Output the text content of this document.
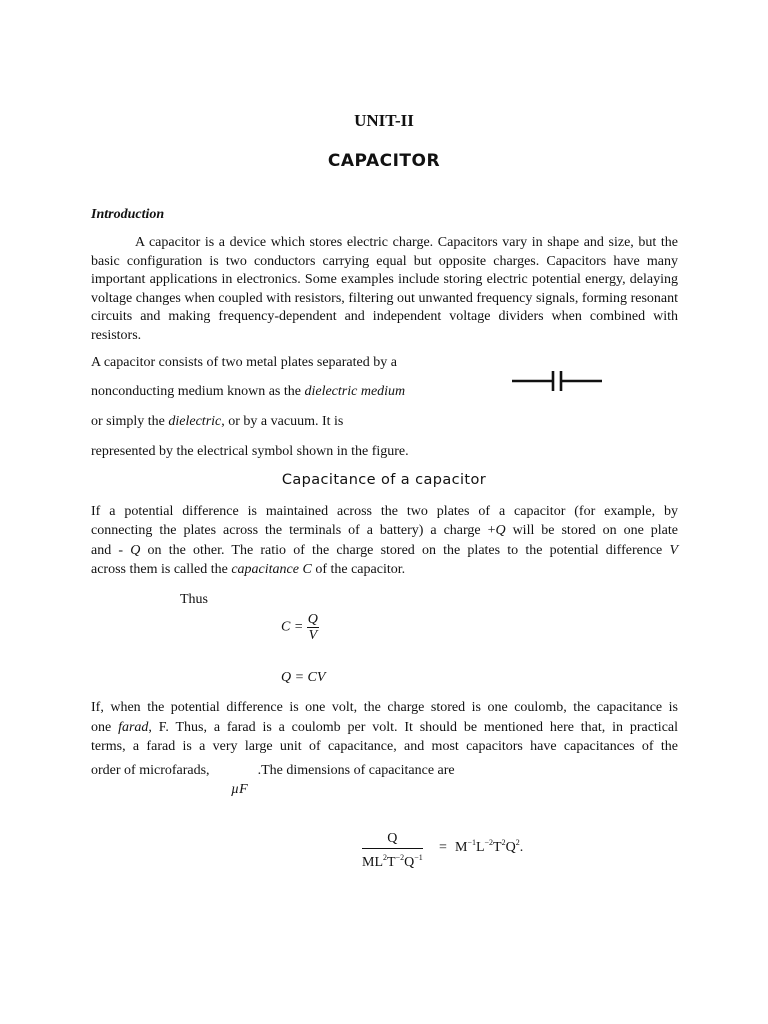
UNIT-II
CAPACITOR
Introduction
A capacitor is a device which stores electric charge. Capacitors vary in shape and size, but the basic configuration is two conductors carrying equal but opposite charges. Capacitors have many important applications in electronics. Some examples include storing electric potential energy, delaying voltage changes when coupled with resistors, filtering out unwanted frequency signals, forming resonant circuits and making frequency-dependent and independent voltage dividers when combined with resistors.
A capacitor consists of two metal plates separated by a
nonconducting medium known as the dielectric medium
or simply the dielectric, or by a vacuum. It is
represented by the electrical symbol shown in the figure.
Capacitance of a capacitor
If a potential difference is maintained across the two plates of a capacitor (for example, by
connecting the plates across the terminals of a battery) a charge +Q will be stored on one plate
and - Q on the other. The ratio of the charge stored on the plates to the potential difference V
across them is called the capacitance C of the capacitor.
Thus
$C = \frac{Q}{V}$
Q = CV
If, when the potential difference is one volt, the charge stored is one coulomb, the capacitance is
one farad, F. Thus, a farad is a coulomb per volt. It should be mentioned here that, in practical
terms, a farad is a very large unit of capacitance, and most capacitors have capacitances of the
order of microfarads,	.The dimensions of capacitance are
µF
$\frac{Q}{ML^2T^{-2}Q^{-1}} = M^{-1}L^{-2}T^2Q^2$.
